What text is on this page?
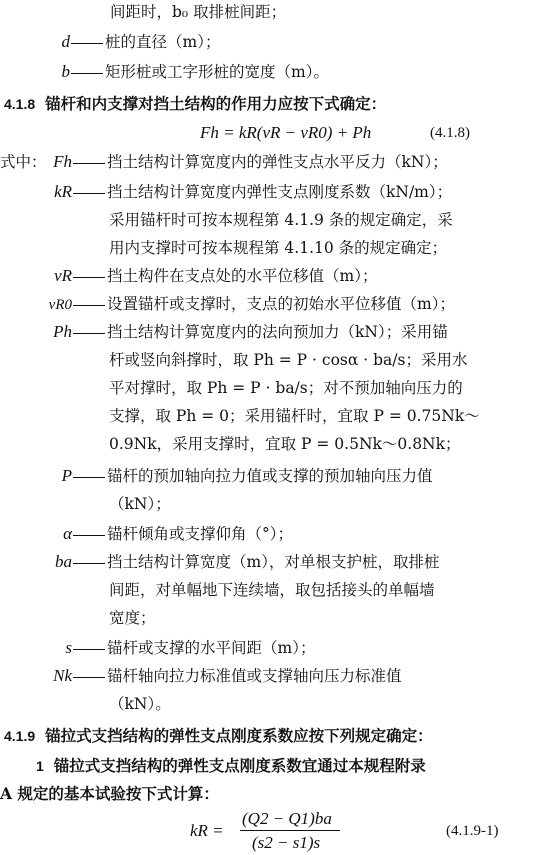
间距时，b₀ 取排桩间距；
d 桩的直径（m）；
b 矩形桩或工字形桩的宽度（m）。
4.1.8 锚杆和内支撑对挡土结构的作用力应按下式确定：
Fh = kR(vR − vR0) + Ph	(4.1.8)
式中： Fh 挡土结构计算宽度内的弹性支点水平反力（kN）；
kR 挡土结构计算宽度内弹性支点刚度系数（kN/m）；
采用锚杆时可按本规程第 4.1.9 条的规定确定，采
用内支撑时可按本规程第 4.1.10 条的规定确定；
vR 挡土构件在支点处的水平位移值（m）；
vR0 设置锚杆或支撑时，支点的初始水平位移值（m）；
Ph 挡土结构计算宽度内的法向预加力（kN）；采用锚
杆或竖向斜撑时，取 Ph = P · cosα · ba/s；采用水
平对撑时，取 Ph = P · ba/s；对不预加轴向压力的
支撑，取 Ph = 0；采用锚杆时，宜取 P = 0.75Nk～
0.9Nk，采用支撑时，宜取 P = 0.5Nk～0.8Nk；
P 锚杆的预加轴向拉力值或支撑的预加轴向压力值
（kN）；
α 锚杆倾角或支撑仰角（°）；
ba 挡土结构计算宽度（m），对单根支护桩，取排桩
间距，对单幅地下连续墙，取包括接头的单幅墙
宽度；
s 锚杆或支撑的水平间距（m）；
Nk 锚杆轴向拉力标准值或支撑轴向压力标准值
（kN）。
4.1.9 锚拉式支挡结构的弹性支点刚度系数应按下列规定确定：
1 锚拉式支挡结构的弹性支点刚度系数宜通过本规程附录
A 规定的基本试验按下式计算：
kR =
(Q2 − Q1)ba
(s2 − s1)s
(4.1.9-1)
